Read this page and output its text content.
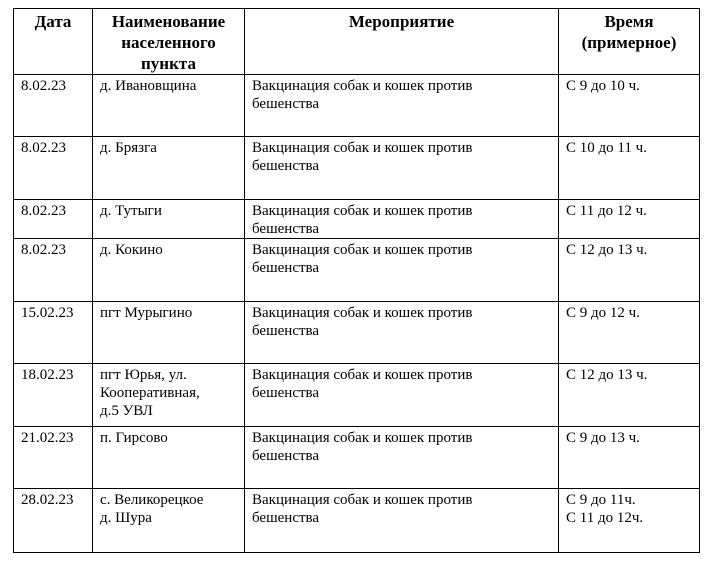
Дата	Наименование
населенного
пункта	Мероприятие	Время
(примерное)

8.02.23	д. Ивановщина	Вакцинация собак и кошек против
бешенства	С 9 до 10 ч.
8.02.23	д. Брязга	Вакцинация собак и кошек против
бешенства	С 10 до 11 ч.
8.02.23	д. Тутыги	Вакцинация собак и кошек против
бешенства	С 11 до 12 ч.
8.02.23	д. Кокино	Вакцинация собак и кошек против
бешенства	С 12 до 13 ч.
15.02.23	пгт Мурыгино	Вакцинация собак и кошек против
бешенства	С 9 до 12 ч.
18.02.23	пгт Юрья, ул.
Кооперативная,
д.5 УВЛ	Вакцинация собак и кошек против
бешенства	С 12 до 13 ч.
21.02.23	п. Гирсово	Вакцинация собак и кошек против
бешенства	С 9 до 13 ч.
28.02.23	с. Великорецкое
д. Шура	Вакцинация собак и кошек против
бешенства	С 9 до 11ч.
С 11 до 12ч.
